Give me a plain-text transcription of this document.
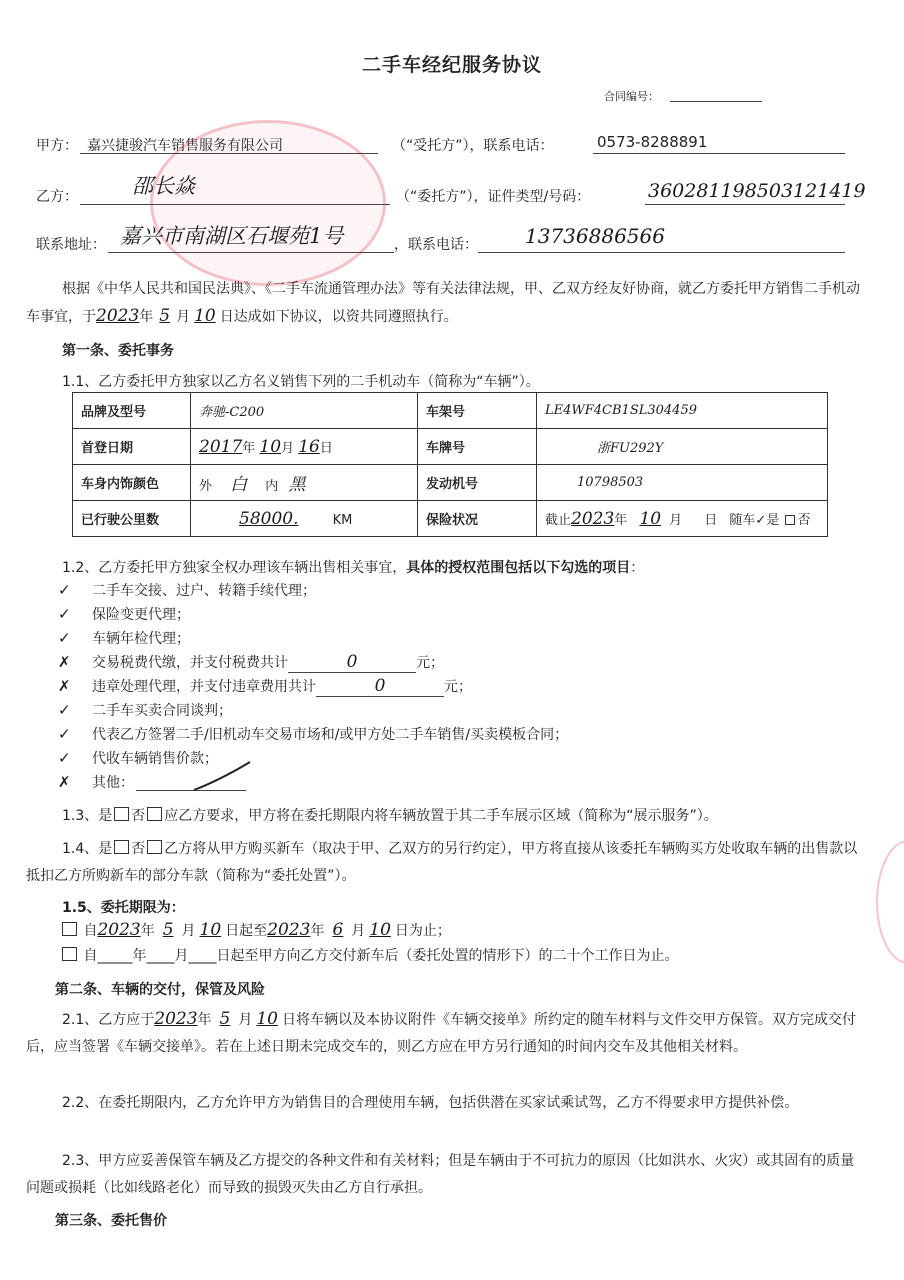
二手车经纪服务协议
合同编号：
甲方： 嘉兴捷骏汽车销售服务有限公司	（“受托方”），联系电话：	0573-8288891
乙方：	邵长焱	（“委托方”），证件类型/号码：	360281198503121419
联系地址： 嘉兴市南湖区石堰苑1号	，联系电话： 13736886566
根据《中华人民共和国民法典》、《二手车流通管理办法》等有关法律法规，甲、乙双方经友好协商，就乙方委托甲方销售二手机动车事宜，于2023年 5 月 10 日达成如下协议，以资共同遵照执行。
第一条、委托事务
1.1、乙方委托甲方独家以乙方名义销售下列的二手机动车（简称为“车辆”）。
品牌及型号	奔驰-C200	车架号	LE4WF4CB1SL304459
首登日期	2017年 10月 16日	车牌号	浙FU292Y
车身内饰颜色	外 白 内 黑	发动机号	10798503
已行驶公里数	58000. KM	保险状况	截止2023年 10 月 日 随车✓是 否
1.2、乙方委托甲方独家全权办理该车辆出售相关事宜，具体的授权范围包括以下勾选的项目：
✓ 二手车交接、过户、转籍手续代理；
✓ 保险变更代理；
✓ 车辆年检代理；
✗ 交易税费代缴，并支付税费共计	0	元；
✗ 违章处理代理，并支付违章费用共计	0	元；
✓ 二手车买卖合同谈判；
✓ 代表乙方签署二手/旧机动车交易市场和/或甲方处二手车销售/买卖模板合同；
✓ 代收车辆销售价款；
✗ 其他：
1.3、是 否 应乙方要求，甲方将在委托期限内将车辆放置于其二手车展示区域（简称为“展示服务”）。
1.4、是 否 乙方将从甲方购买新车（取决于甲、乙双方的另行约定），甲方将直接从该委托车辆购买方处收取车辆的出售款以抵扣乙方所购新车的部分车款（简称为“委托处置”）。
1.5、委托期限为：
自2023年 5 月 10 日起至2023年 6 月 10 日为止；
自_____年____月____日起至甲方向乙方交付新车后（委托处置的情形下）的二十个工作日为止。
第二条、车辆的交付，保管及风险
2.1、乙方应于2023年 5 月 10 日将车辆以及本协议附件《车辆交接单》所约定的随车材料与文件交甲方保管。双方完成交付后，应当签署《车辆交接单》。若在上述日期未完成交车的，则乙方应在甲方另行通知的时间内交车及其他相关材料。
2.2、在委托期限内，乙方允许甲方为销售目的合理使用车辆，包括供潜在买家试乘试驾，乙方不得要求甲方提供补偿。
2.3、甲方应妥善保管车辆及乙方提交的各种文件和有关材料；但是车辆由于不可抗力的原因（比如洪水、火灾）或其固有的质量问题或损耗（比如线路老化）而导致的损毁灭失由乙方自行承担。
第三条、委托售价
